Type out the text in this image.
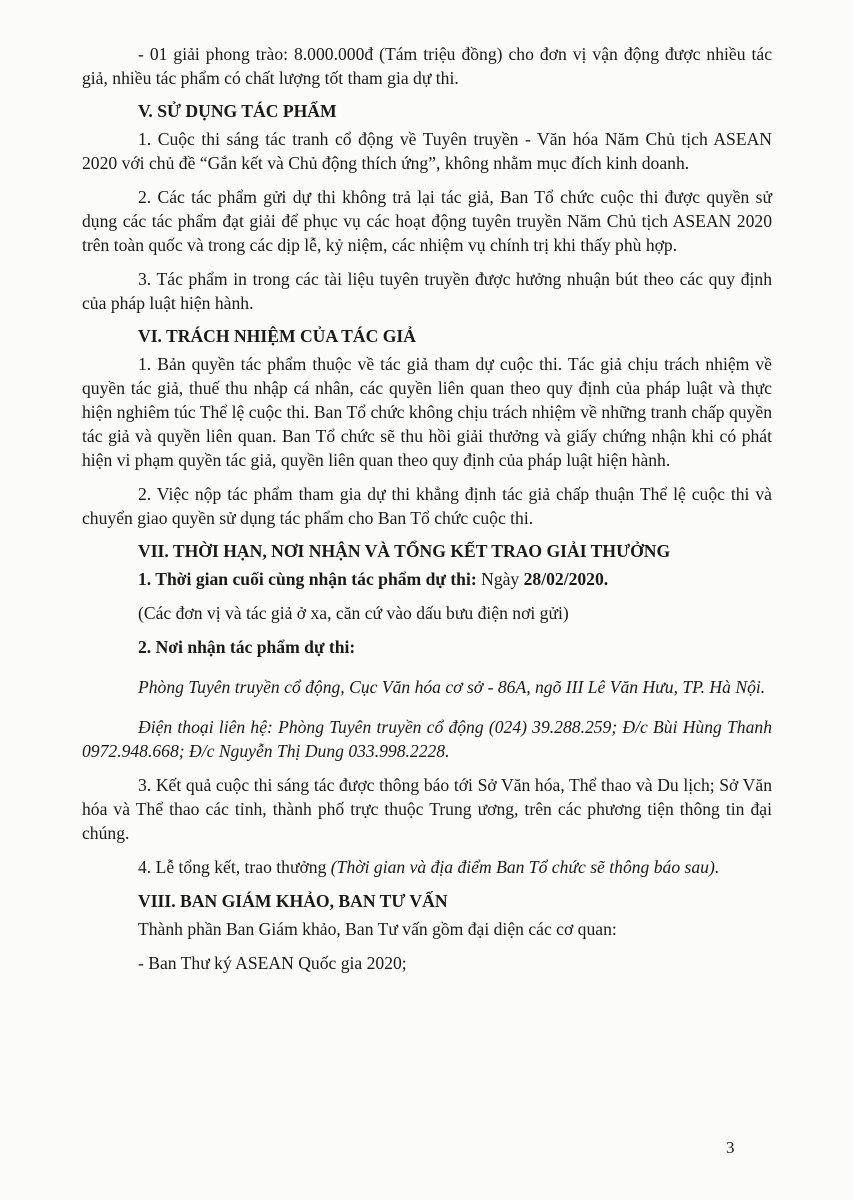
- 01 giải phong trào: 8.000.000đ (Tám triệu đồng) cho đơn vị vận động được nhiều tác giả, nhiều tác phẩm có chất lượng tốt tham gia dự thi.

V. SỬ DỤNG TÁC PHẨM

1. Cuộc thi sáng tác tranh cổ động về Tuyên truyền - Văn hóa Năm Chủ tịch ASEAN 2020 với chủ đề “Gắn kết và Chủ động thích ứng”, không nhằm mục đích kinh doanh.

2. Các tác phẩm gửi dự thi không trả lại tác giả, Ban Tổ chức cuộc thi được quyền sử dụng các tác phẩm đạt giải để phục vụ các hoạt động tuyên truyền Năm Chủ tịch ASEAN 2020 trên toàn quốc và trong các dịp lễ, kỷ niệm, các nhiệm vụ chính trị khi thấy phù hợp.

3. Tác phẩm in trong các tài liệu tuyên truyền được hưởng nhuận bút theo các quy định của pháp luật hiện hành.

VI. TRÁCH NHIỆM CỦA TÁC GIẢ

1. Bản quyền tác phẩm thuộc về tác giả tham dự cuộc thi. Tác giả chịu trách nhiệm về quyền tác giả, thuế thu nhập cá nhân, các quyền liên quan theo quy định của pháp luật và thực hiện nghiêm túc Thể lệ cuộc thi. Ban Tổ chức không chịu trách nhiệm về những tranh chấp quyền tác giả và quyền liên quan. Ban Tổ chức sẽ thu hồi giải thưởng và giấy chứng nhận khi có phát hiện vi phạm quyền tác giả, quyền liên quan theo quy định của pháp luật hiện hành.

2. Việc nộp tác phẩm tham gia dự thi khẳng định tác giả chấp thuận Thể lệ cuộc thi và chuyển giao quyền sử dụng tác phẩm cho Ban Tổ chức cuộc thi.

VII. THỜI HẠN, NƠI NHẬN VÀ TỔNG KẾT TRAO GIẢI THƯỞNG

1. Thời gian cuối cùng nhận tác phẩm dự thi: Ngày 28/02/2020.

(Các đơn vị và tác giả ở xa, căn cứ vào dấu bưu điện nơi gửi)

2. Nơi nhận tác phẩm dự thi:

Phòng Tuyên truyền cổ động, Cục Văn hóa cơ sở - 86A, ngõ III Lê Văn Hưu, TP. Hà Nội.

Điện thoại liên hệ: Phòng Tuyên truyền cổ động (024) 39.288.259; Đ/c Bùi Hùng Thanh 0972.948.668; Đ/c Nguyễn Thị Dung 033.998.2228.

3. Kết quả cuộc thi sáng tác được thông báo tới Sở Văn hóa, Thể thao và Du lịch; Sở Văn hóa và Thể thao các tỉnh, thành phố trực thuộc Trung ương, trên các phương tiện thông tin đại chúng.

4. Lễ tổng kết, trao thưởng (Thời gian và địa điểm Ban Tổ chức sẽ thông báo sau).

VIII. BAN GIÁM KHẢO, BAN TƯ VẤN

Thành phần Ban Giám khảo, Ban Tư vấn gồm đại diện các cơ quan:

- Ban Thư ký ASEAN Quốc gia 2020;

3
